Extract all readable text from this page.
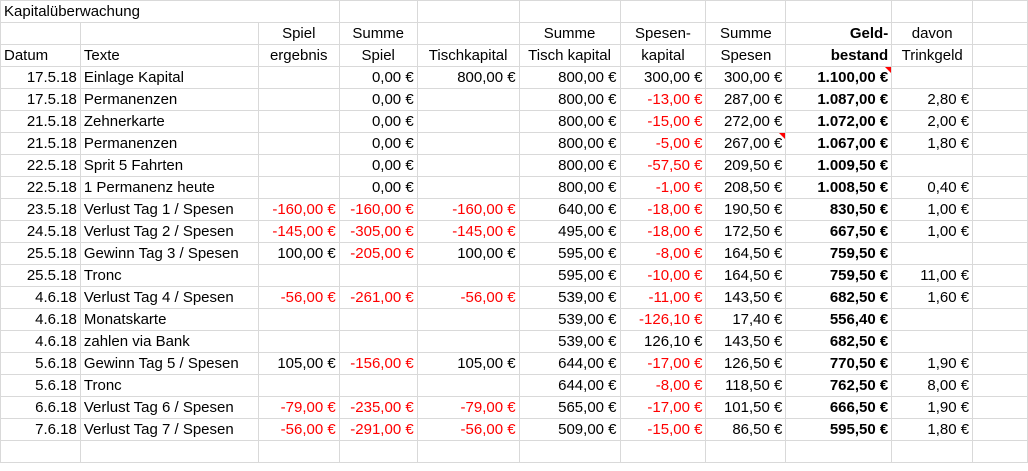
Kapitalüberwachung										
		Spiel	Summe		Summe	Spesen-	Summe	Geld-	davon	
Datum	Texte	ergebnis	Spiel	Tischkapital	Tisch kapital	kapital	Spesen	bestand	Trinkgeld	
17.5.18	Einlage Kapital		0,00 €	800,00 €	800,00 €	300,00 €	300,00 €	1.100,00 €		
17.5.18	Permanenzen		0,00 €		800,00 €	-13,00 €	287,00 €	1.087,00 €	2,80 €	
21.5.18	Zehnerkarte		0,00 €		800,00 €	-15,00 €	272,00 €	1.072,00 €	2,00 €	
21.5.18	Permanenzen		0,00 €		800,00 €	-5,00 €	267,00 €	1.067,00 €	1,80 €	
22.5.18	Sprit 5 Fahrten		0,00 €		800,00 €	-57,50 €	209,50 €	1.009,50 €		
22.5.18	1 Permanenz heute		0,00 €		800,00 €	-1,00 €	208,50 €	1.008,50 €	0,40 €	
23.5.18	Verlust Tag 1 / Spesen	-160,00 €	-160,00 €	-160,00 €	640,00 €	-18,00 €	190,50 €	830,50 €	1,00 €	
24.5.18	Verlust Tag 2 / Spesen	-145,00 €	-305,00 €	-145,00 €	495,00 €	-18,00 €	172,50 €	667,50 €	1,00 €	
25.5.18	Gewinn Tag 3 / Spesen	100,00 €	-205,00 €	100,00 €	595,00 €	-8,00 €	164,50 €	759,50 €		
25.5.18	Tronc				595,00 €	-10,00 €	164,50 €	759,50 €	11,00 €	
4.6.18	Verlust Tag 4 / Spesen	-56,00 €	-261,00 €	-56,00 €	539,00 €	-11,00 €	143,50 €	682,50 €	1,60 €	
4.6.18	Monatskarte				539,00 €	-126,10 €	17,40 €	556,40 €		
4.6.18	zahlen via Bank				539,00 €	126,10 €	143,50 €	682,50 €		
5.6.18	Gewinn Tag 5 / Spesen	105,00 €	-156,00 €	105,00 €	644,00 €	-17,00 €	126,50 €	770,50 €	1,90 €	
5.6.18	Tronc				644,00 €	-8,00 €	118,50 €	762,50 €	8,00 €	
6.6.18	Verlust Tag 6 / Spesen	-79,00 €	-235,00 €	-79,00 €	565,00 €	-17,00 €	101,50 €	666,50 €	1,90 €	
7.6.18	Verlust Tag 7 / Spesen	-56,00 €	-291,00 €	-56,00 €	509,00 €	-15,00 €	86,50 €	595,50 €	1,80 €	
